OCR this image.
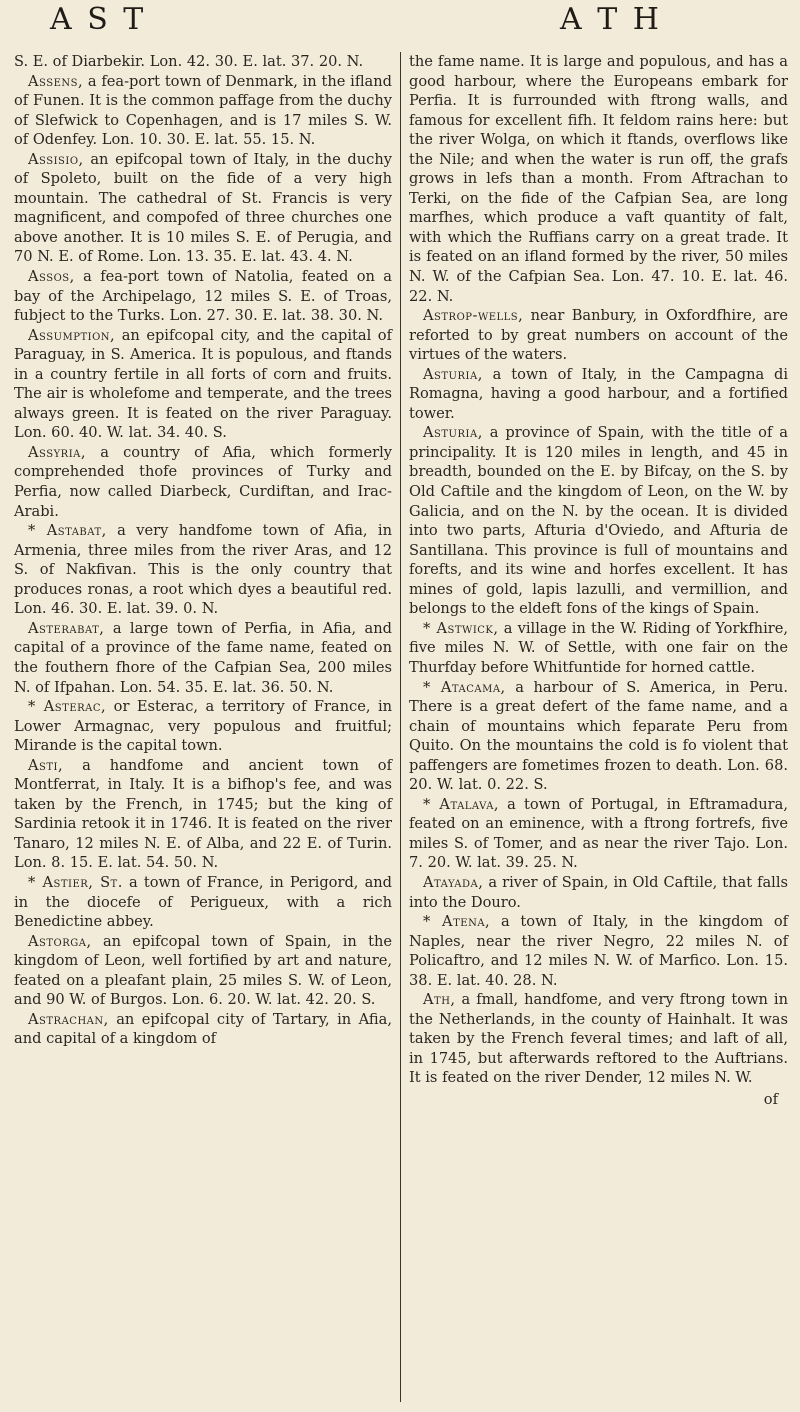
A S T	A T H

S. E. of Diarbekir. Lon. 42. 30. E. lat. 37. 20. N.

Assens, a fea-port town of Denmark, in the ifland of Funen. It is the common paffage from the duchy of Slefwick to Copenhagen, and is 17 miles S. W. of Odenfey. Lon. 10. 30. E. lat. 55. 15. N.

Assisio, an epifcopal town of Italy, in the duchy of Spoleto, built on the fide of a very high mountain. The cathedral of St. Francis is very magnificent, and compofed of three churches one above another. It is 10 miles S. E. of Perugia, and 70 N. E. of Rome. Lon. 13. 35. E. lat. 43. 4. N.

Assos, a fea-port town of Natolia, feated on a bay of the Archipelago, 12 miles S. E. of Troas, fubject to the Turks. Lon. 27. 30. E. lat. 38. 30. N.

Assumption, an epifcopal city, and the capital of Paraguay, in S. America. It is populous, and ftands in a country fertile in all forts of corn and fruits. The air is wholefome and temperate, and the trees always green. It is feated on the river Paraguay. Lon. 60. 40. W. lat. 34. 40. S.

Assyria, a country of Afia, which formerly comprehended thofe provinces of Turky and Perfia, now called Diarbeck, Curdiftan, and Irac-Arabi.

* Astabat, a very handfome town of Afia, in Armenia, three miles from the river Aras, and 12 S. of Nakfivan. This is the only country that produces ronas, a root which dyes a beautiful red. Lon. 46. 30. E. lat. 39. 0. N.

Asterabat, a large town of Perfia, in Afia, and capital of a province of the fame name, feated on the fouthern fhore of the Cafpian Sea, 200 miles N. of Ifpahan. Lon. 54. 35. E. lat. 36. 50. N.

* Asterac, or Esterac, a territory of France, in Lower Armagnac, very populous and fruitful; Mirande is the capital town.

Asti, a handfome and ancient town of Montferrat, in Italy. It is a bifhop's fee, and was taken by the French, in 1745; but the king of Sardinia retook it in 1746. It is feated on the river Tanaro, 12 miles N. E. of Alba, and 22 E. of Turin. Lon. 8. 15. E. lat. 54. 50. N.

* Astier, St. a town of France, in Perigord, and in the diocefe of Perigueux, with a rich Benedictine abbey.

Astorga, an epifcopal town of Spain, in the kingdom of Leon, well fortified by art and nature, feated on a pleafant plain, 25 miles S. W. of Leon, and 90 W. of Burgos. Lon. 6. 20. W. lat. 42. 20. S.

Astrachan, an epifcopal city of Tartary, in Afia, and capital of a kingdom of

the fame name. It is large and populous, and has a good harbour, where the Europeans embark for Perfia. It is furrounded with ftrong walls, and famous for excellent fifh. It feldom rains here: but the river Wolga, on which it ftands, overflows like the Nile; and when the water is run off, the grafs grows in lefs than a month. From Aftrachan to Terki, on the fide of the Cafpian Sea, are long marfhes, which produce a vaft quantity of falt, with which the Ruffians carry on a great trade. It is feated on an ifland formed by the river, 50 miles N. W. of the Cafpian Sea. Lon. 47. 10. E. lat. 46. 22. N.

Astrop-wells, near Banbury, in Oxfordfhire, are reforted to by great numbers on account of the virtues of the waters.

Asturia, a town of Italy, in the Campagna di Romagna, having a good harbour, and a fortified tower.

Asturia, a province of Spain, with the title of a principality. It is 120 miles in length, and 45 in breadth, bounded on the E. by Bifcay, on the S. by Old Caftile and the kingdom of Leon, on the W. by Galicia, and on the N. by the ocean. It is divided into two parts, Afturia d'Oviedo, and Afturia de Santillana. This province is full of mountains and forefts, and its wine and horfes excellent. It has mines of gold, lapis lazulli, and vermillion, and belongs to the eldeft fons of the kings of Spain.

* Astwick, a village in the W. Riding of Yorkfhire, five miles N. W. of Settle, with one fair on the Thurfday before Whitfuntide for horned cattle.

* Atacama, a harbour of S. America, in Peru. There is a great defert of the fame name, and a chain of mountains which feparate Peru from Quito. On the mountains the cold is fo violent that paffengers are fometimes frozen to death. Lon. 68. 20. W. lat. 0. 22. S.

* Atalava, a town of Portugal, in Eftramadura, feated on an eminence, with a ftrong fortrefs, five miles S. of Tomer, and as near the river Tajo. Lon. 7. 20. W. lat. 39. 25. N.

Atayada, a river of Spain, in Old Caftile, that falls into the Douro.

* Atena, a town of Italy, in the kingdom of Naples, near the river Negro, 22 miles N. of Policaftro, and 12 miles N. W. of Marfico. Lon. 15. 38. E. lat. 40. 28. N.

Ath, a fmall, handfome, and very ftrong town in the Netherlands, in the county of Hainhalt. It was taken by the French feveral times; and laft of all, in 1745, but afterwards reftored to the Auftrians. It is feated on the river Dender, 12 miles N. W.

of
